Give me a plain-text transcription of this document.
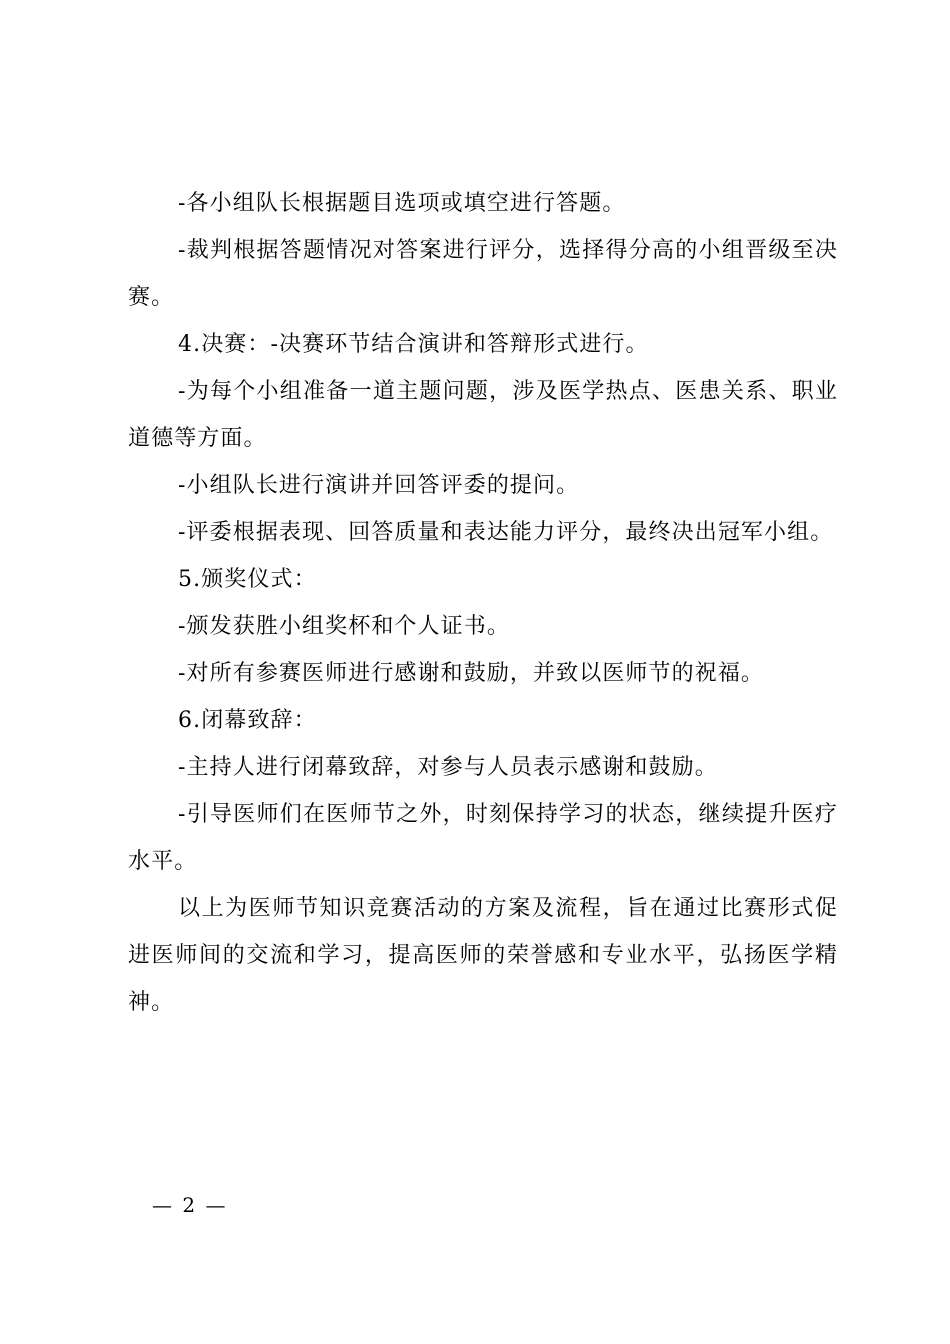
-各小组队长根据题目选项或填空进行答题。

-裁判根据答题情况对答案进行评分，选择得分高的小组晋级至决赛。

4.决赛：-决赛环节结合演讲和答辩形式进行。

-为每个小组准备一道主题问题，涉及医学热点、医患关系、职业道德等方面。

-小组队长进行演讲并回答评委的提问。

-评委根据表现、回答质量和表达能力评分，最终决出冠军小组。

5.颁奖仪式：

-颁发获胜小组奖杯和个人证书。

-对所有参赛医师进行感谢和鼓励，并致以医师节的祝福。

6.闭幕致辞：

-主持人进行闭幕致辞，对参与人员表示感谢和鼓励。

-引导医师们在医师节之外，时刻保持学习的状态，继续提升医疗水平。

以上为医师节知识竞赛活动的方案及流程，旨在通过比赛形式促进医师间的交流和学习，提高医师的荣誉感和专业水平，弘扬医学精神。

— 2 —
